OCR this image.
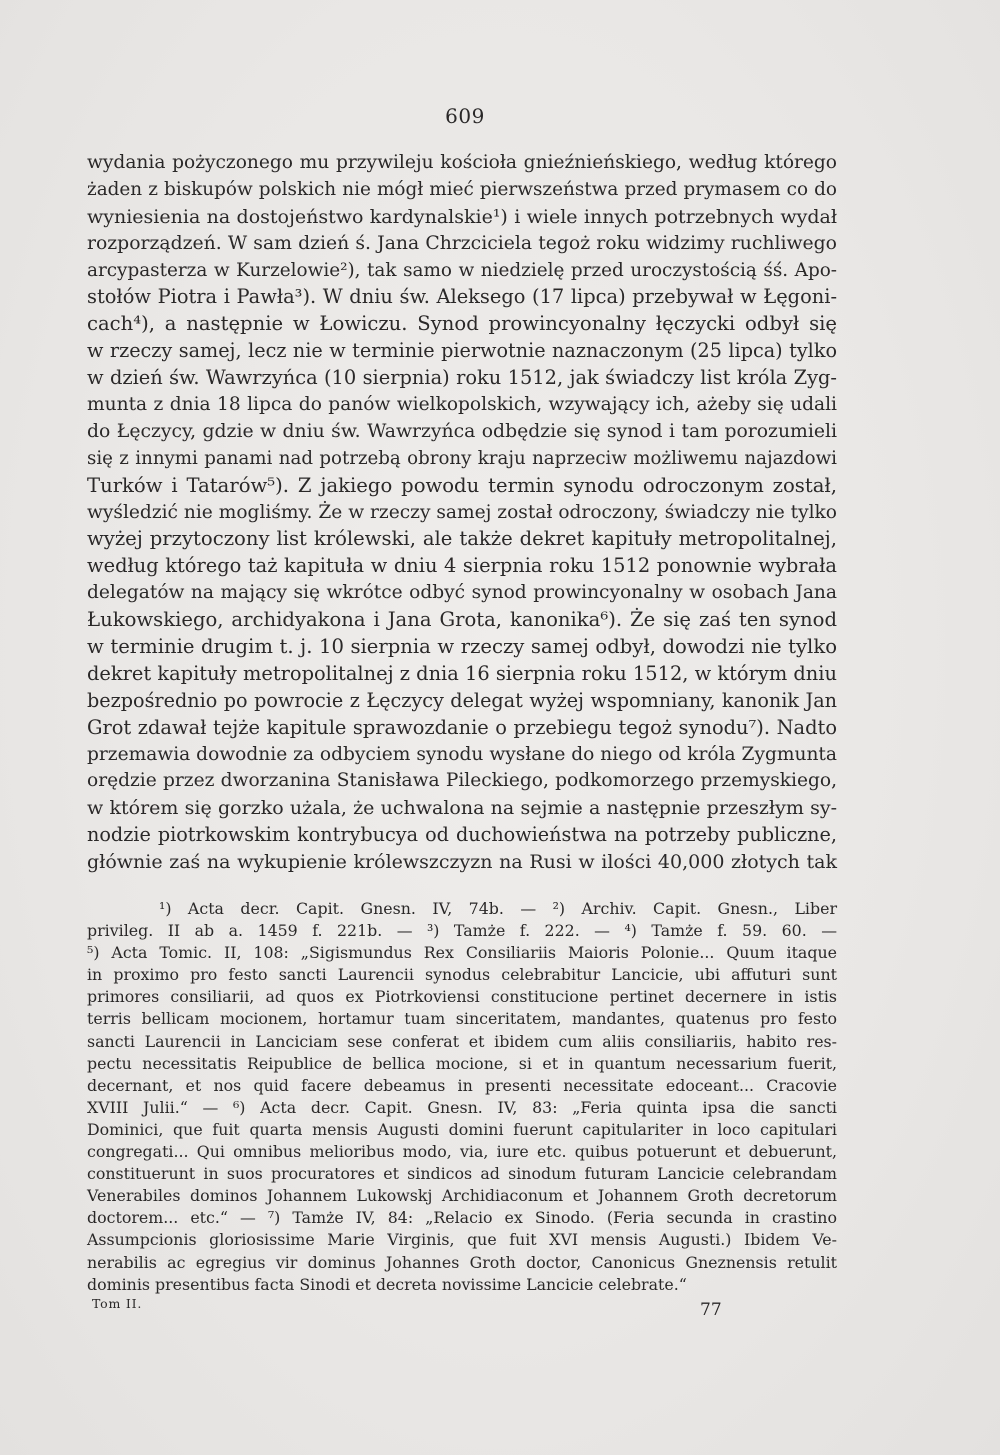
609
wydania pożyczonego mu przywileju kościoła gnieźnieńskiego, według którego
żaden z biskupów polskich nie mógł mieć pierwszeństwa przed prymasem co do
wyniesienia na dostojeństwo kardynalskie¹) i wiele innych potrzebnych wydał
rozporządzeń. W sam dzień ś. Jana Chrzciciela tegoż roku widzimy ruchliwego
arcypasterza w Kurzelowie²), tak samo w niedzielę przed uroczystością śś. Apo-
stołów Piotra i Pawła³). W dniu św. Aleksego (17 lipca) przebywał w Łęgoni-
cach⁴), a następnie w Łowiczu. Synod prowincyonalny łęczycki odbył się
w rzeczy samej, lecz nie w terminie pierwotnie naznaczonym (25 lipca) tylko
w dzień św. Wawrzyńca (10 sierpnia) roku 1512, jak świadczy list króla Zyg-
munta z dnia 18 lipca do panów wielkopolskich, wzywający ich, ażeby się udali
do Łęczycy, gdzie w dniu św. Wawrzyńca odbędzie się synod i tam porozumieli
się z innymi panami nad potrzebą obrony kraju naprzeciw możliwemu najazdowi
Turków i Tatarów⁵). Z jakiego powodu termin synodu odroczonym został,
wyśledzić nie mogliśmy. Że w rzeczy samej został odroczony, świadczy nie tylko
wyżej przytoczony list królewski, ale także dekret kapituły metropolitalnej,
według którego taż kapituła w dniu 4 sierpnia roku 1512 ponownie wybrała
delegatów na mający się wkrótce odbyć synod prowincyonalny w osobach Jana
Łukowskiego, archidyakona i Jana Grota, kanonika⁶). Że się zaś ten synod
w terminie drugim t. j. 10 sierpnia w rzeczy samej odbył, dowodzi nie tylko
dekret kapituły metropolitalnej z dnia 16 sierpnia roku 1512, w którym dniu
bezpośrednio po powrocie z Łęczycy delegat wyżej wspomniany, kanonik Jan
Grot zdawał tejże kapitule sprawozdanie o przebiegu tegoż synodu⁷). Nadto
przemawia dowodnie za odbyciem synodu wysłane do niego od króla Zygmunta
orędzie przez dworzanina Stanisława Pileckiego, podkomorzego przemyskiego,
w którem się gorzko użala, że uchwalona na sejmie a następnie przeszłym sy-
nodzie piotrkowskim kontrybucya od duchowieństwa na potrzeby publiczne,
głównie zaś na wykupienie królewszczyzn na Rusi w ilości 40,000 złotych tak
¹) Acta decr. Capit. Gnesn. IV, 74b. — ²) Archiv. Capit. Gnesn., Liber
privileg. II ab a. 1459 f. 221b. — ³) Tamże f. 222. — ⁴) Tamże f. 59. 60. —
⁵) Acta Tomic. II, 108: „Sigismundus Rex Consiliariis Maioris Polonie... Quum itaque
in proximo pro festo sancti Laurencii synodus celebrabitur Lancicie, ubi affuturi sunt
primores consiliarii, ad quos ex Piotrkoviensi constitucione pertinet decernere in istis
terris bellicam mocionem, hortamur tuam sinceritatem, mandantes, quatenus pro festo
sancti Laurencii in Lanciciam sese conferat et ibidem cum aliis consiliariis, habito res-
pectu necessitatis Reipublice de bellica mocione, si et in quantum necessarium fuerit,
decernant, et nos quid facere debeamus in presenti necessitate edoceant... Cracovie
XVIII Julii.“ — ⁶) Acta decr. Capit. Gnesn. IV, 83: „Feria quinta ipsa die sancti
Dominici, que fuit quarta mensis Augusti domini fuerunt capitulariter in loco capitulari
congregati... Qui omnibus melioribus modo, via, iure etc. quibus potuerunt et debuerunt,
constituerunt in suos procuratores et sindicos ad sinodum futuram Lancicie celebrandam
Venerabiles dominos Johannem Lukowskj Archidiaconum et Johannem Groth decretorum
doctorem... etc.“ — ⁷) Tamże IV, 84: „Relacio ex Sinodo. (Feria secunda in crastino
Assumpcionis gloriosissime Marie Virginis, que fuit XVI mensis Augusti.) Ibidem Ve-
nerabilis ac egregius vir dominus Johannes Groth doctor, Canonicus Gneznensis retulit
dominis presentibus facta Sinodi et decreta novissime Lancicie celebrate.“
Tom II.	77
